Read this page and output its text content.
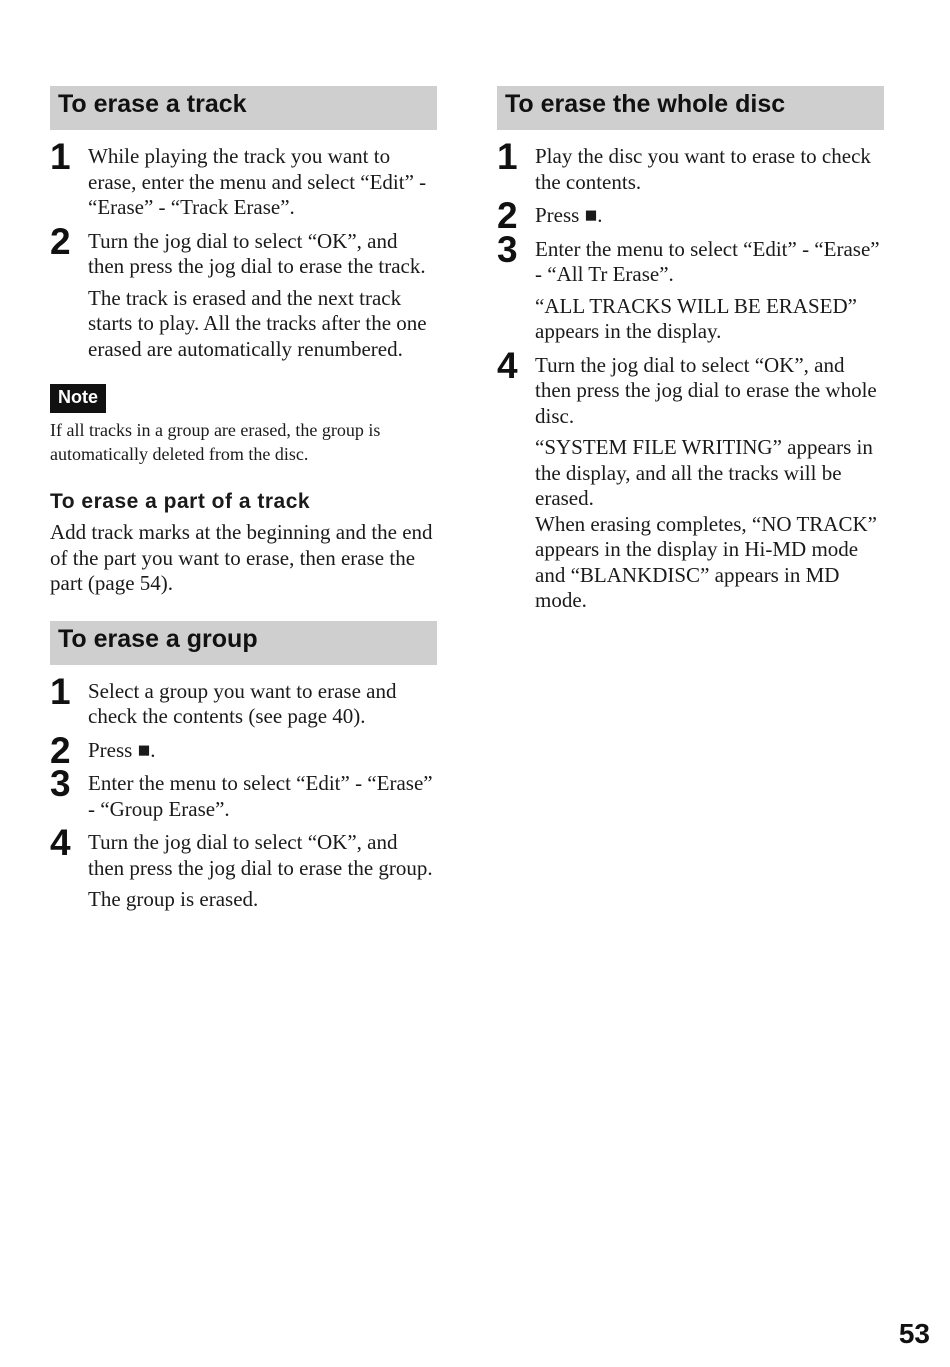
To erase a track
1 While playing the track you want to erase, enter the menu and select “Edit” - “Erase” - “Track Erase”.

2 Turn the jog dial to select “OK”, and then press the jog dial to erase the track.

The track is erased and the next track starts to play. All the tracks after the one erased are automatically renumbered.

Note

If all tracks in a group are erased, the group is automatically deleted from the disc.

To erase a part of a track

Add track marks at the beginning and the end of the part you want to erase, then erase the part (page 54).

To erase a group
1 Select a group you want to erase and check the contents (see page 40).

2 Press ■.

3 Enter the menu to select “Edit” - “Erase” - “Group Erase”.

4 Turn the jog dial to select “OK”, and then press the jog dial to erase the group.

The group is erased.

To erase the whole disc
1 Play the disc you want to erase to check the contents.

2 Press ■.

3 Enter the menu to select “Edit” - “Erase” - “All Tr Erase”.

“ALL TRACKS WILL BE ERASED” appears in the display.

4 Turn the jog dial to select “OK”, and then press the jog dial to erase the whole disc.

“SYSTEM FILE WRITING” appears in the display, and all the tracks will be erased.

When erasing completes, “NO TRACK” appears in the display in Hi-MD mode and “BLANKDISC” appears in MD mode.

53
